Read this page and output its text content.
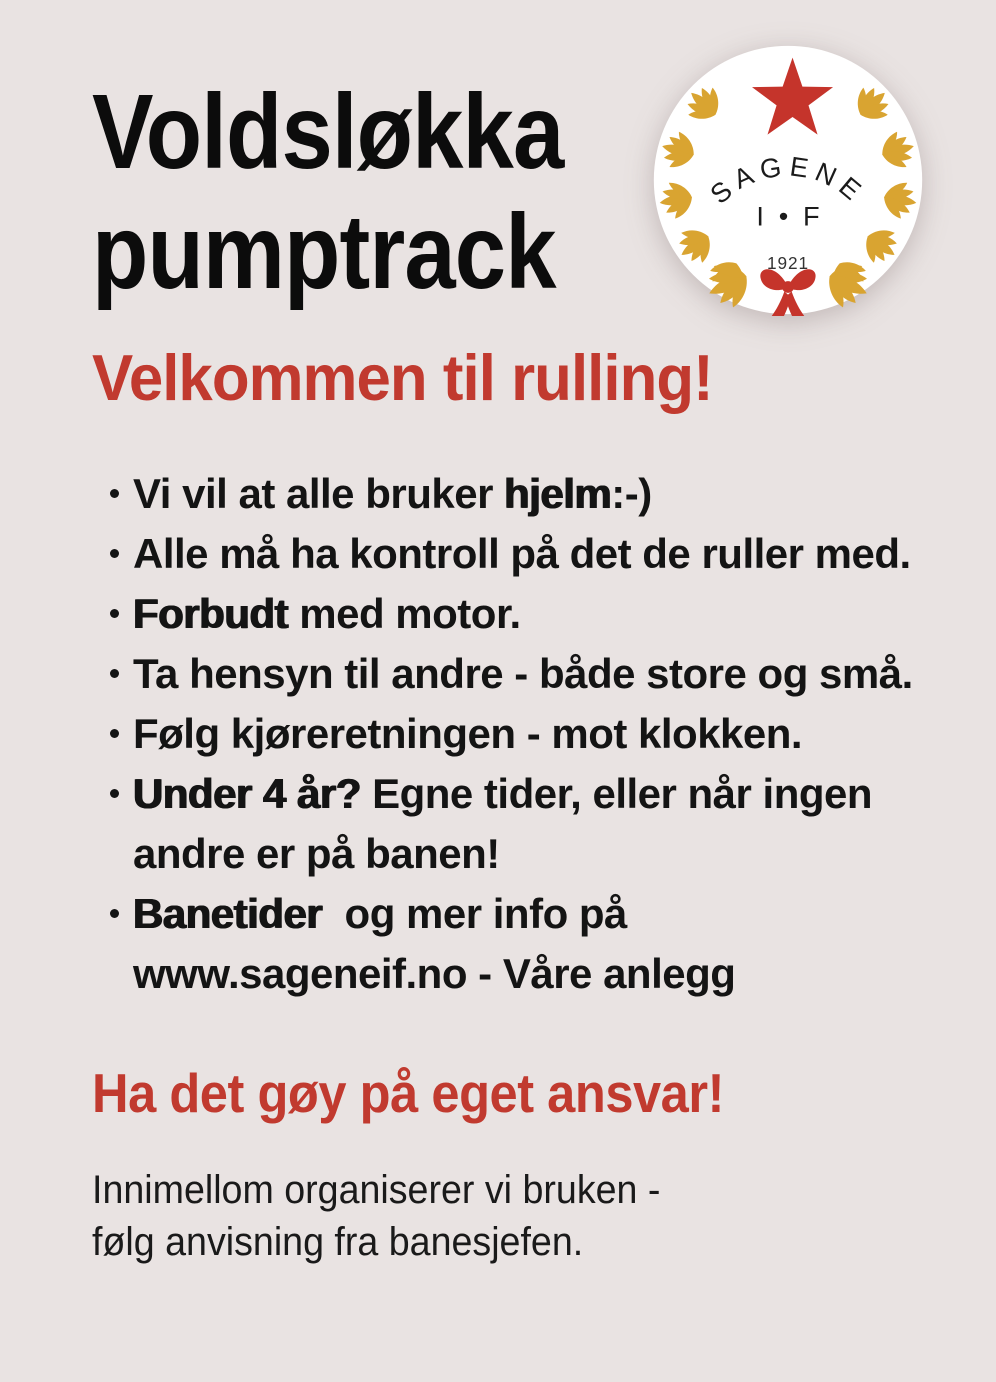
Voldsløkka
pumptrack
SAGENE
I • F
1921
Velkommen til rulling!
Vi vil at alle bruker hjelm:-)
Alle må ha kontroll på det de ruller med.
Forbudt med motor.
Ta hensyn til andre - både store og små.
Følg kjøreretningen - mot klokken.
Under 4 år? Egne tider, eller når ingen
andre er på banen!
Banetider  og mer info på
www.sageneif.no - Våre anlegg
Ha det gøy på eget ansvar!

Innimellom organiserer vi bruken -
følg anvisning fra banesjefen.
